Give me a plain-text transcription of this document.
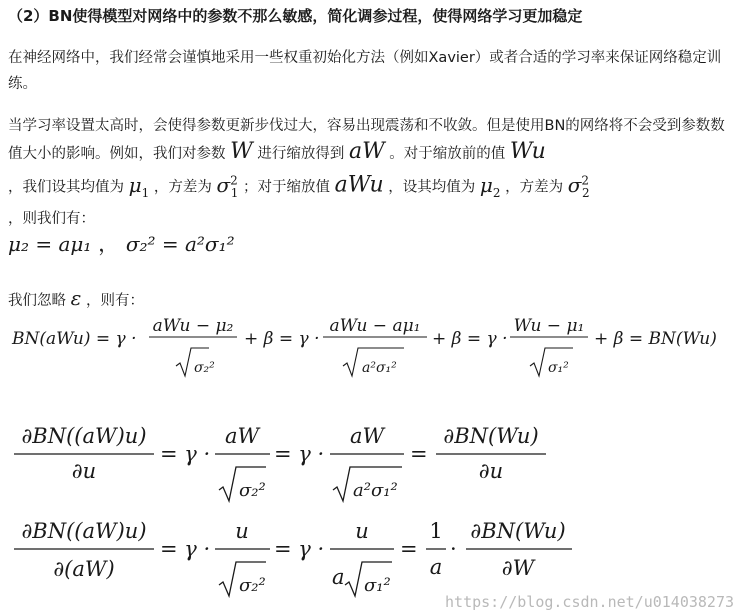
（2）BN使得模型对网络中的参数不那么敏感，简化调参过程，使得网络学习更加稳定

在神经网络中，我们经常会谨慎地采用一些权重初始化方法（例如Xavier）或者合适的学习率来保证网络稳定训练。

当学习率设置太高时，会使得参数更新步伐过大，容易出现震荡和不收敛。但是使用BN的网络将不会受到参数数值大小的影响。例如，我们对参数 W 进行缩放得到 aW 。对于缩放前的值 Wu
，我们设其均值为 $\mu_1$ ，方差为 $\sigma^2_1$ ；对于缩放值 aWu ，设其均值为 $\mu_2$ ，方差为 $\sigma^2_2$
，则我们有：

μ₂ = aμ₁ ， σ₂² = a²σ₁²

我们忽略 ε ，则有：

BN(aWu) = γ ·
aWu − μ₂
σ₂²
+ β = γ ·
aWu − aμ₁
a²σ₁²
+ β = γ ·
Wu − μ₁
σ₁²
+ β = BN(Wu)
∂BN((aW)u)
∂u
= γ ·
aW
σ₂²
= γ ·
aW
a²σ₁²
=
∂BN(Wu)
∂u
∂BN((aW)u)
∂(aW)
= γ ·
u
σ₂²
= γ ·
u
a σ₁²
=
1
a
·
∂BN(Wu)
∂W
https://blog.csdn.net/u014038273
